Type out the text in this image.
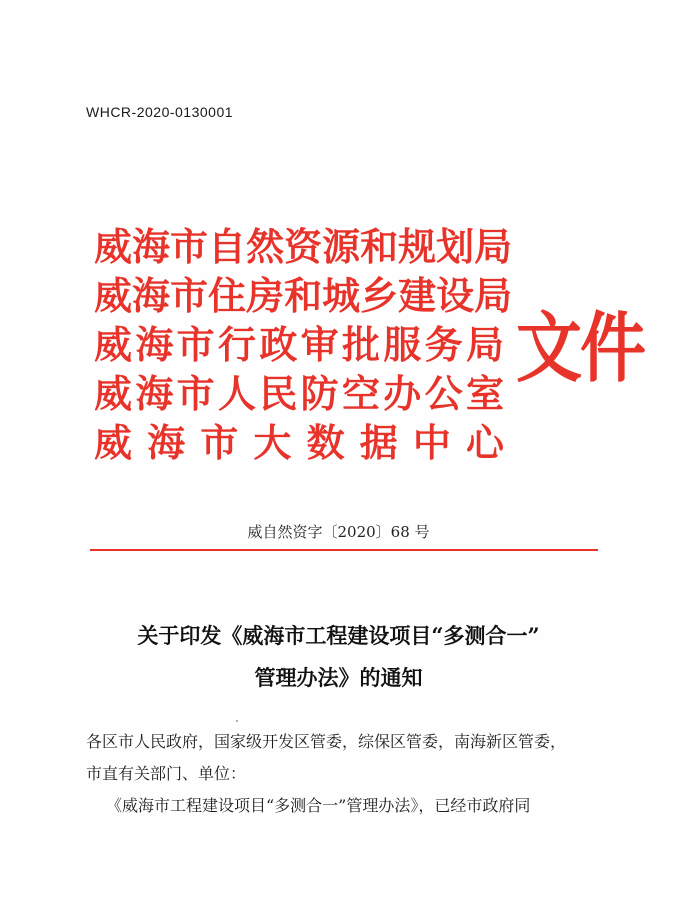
WHCR-2020-0130001
威 海 市 自 然 资 源 和 规 划 局
威 海 市 住 房 和 城 乡 建 设 局
威 海 市 行 政 审 批 服 务 局
威 海 市 人 民 防 空 办 公 室
威 海 市 大 数 据 中 心
文件
威自然资字〔2020〕68 号
关于印发《威海市工程建设项目“多测合一”
管理办法》的通知
各区市人民政府，国家级开发区管委，综保区管委，南海新区管委，
市直有关部门、单位：
《威海市工程建设项目“多测合一”管理办法》，已经市政府同
